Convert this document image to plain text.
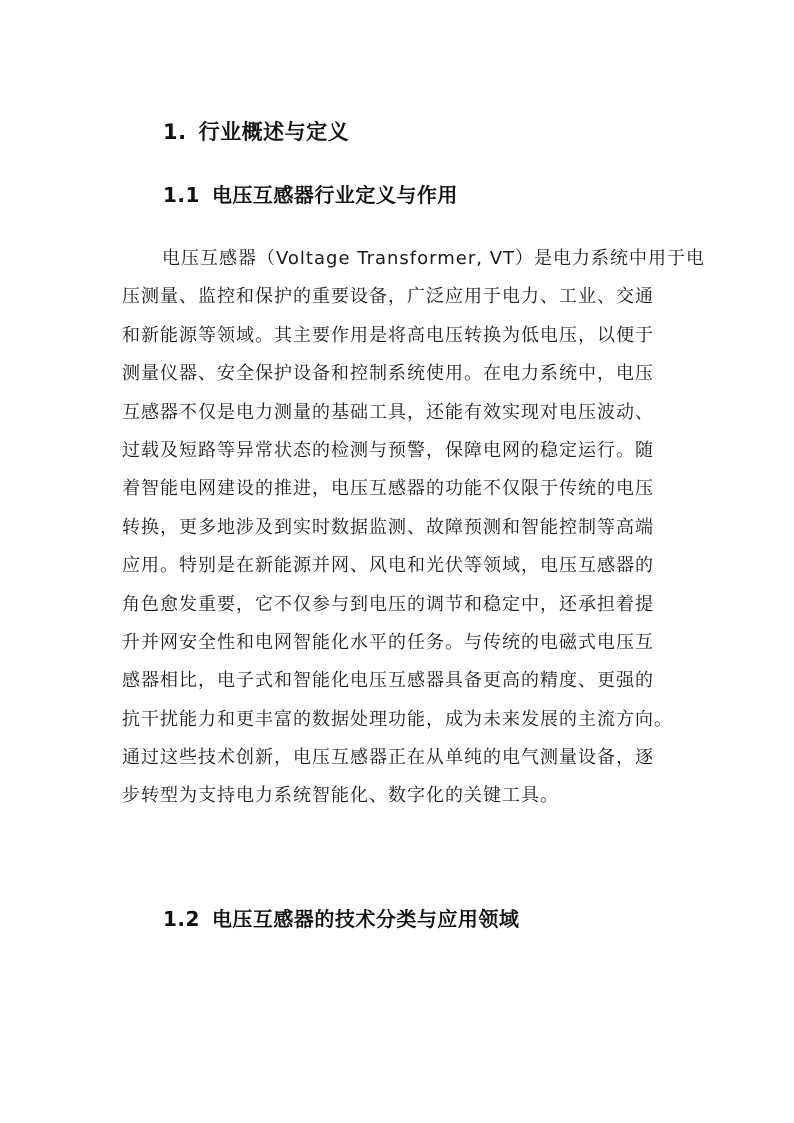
1. 行业概述与定义
1.1 电压互感器行业定义与作用
电压互感器（Voltage Transformer, VT）是电力系统中用于电
压测量、监控和保护的重要设备，广泛应用于电力、工业、交通
和新能源等领域。其主要作用是将高电压转换为低电压，以便于
测量仪器、安全保护设备和控制系统使用。在电力系统中，电压
互感器不仅是电力测量的基础工具，还能有效实现对电压波动、
过载及短路等异常状态的检测与预警，保障电网的稳定运行。随
着智能电网建设的推进，电压互感器的功能不仅限于传统的电压
转换，更多地涉及到实时数据监测、故障预测和智能控制等高端
应用。特别是在新能源并网、风电和光伏等领域，电压互感器的
角色愈发重要，它不仅参与到电压的调节和稳定中，还承担着提
升并网安全性和电网智能化水平的任务。与传统的电磁式电压互
感器相比，电子式和智能化电压互感器具备更高的精度、更强的
抗干扰能力和更丰富的数据处理功能，成为未来发展的主流方向。
通过这些技术创新，电压互感器正在从单纯的电气测量设备，逐
步转型为支持电力系统智能化、数字化的关键工具。
1.2 电压互感器的技术分类与应用领域
